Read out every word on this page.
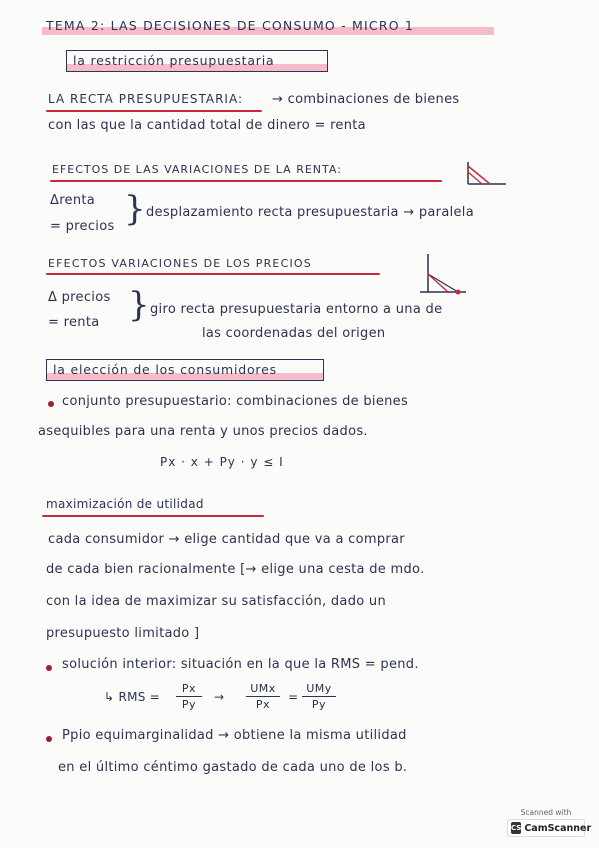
TEMA 2: LAS DECISIONES DE CONSUMO - MICRO 1
la restricción presupuestaria
LA RECTA PRESUPUESTARIA: → combinaciones de bienes
con las que la cantidad total de dinero = renta
EFECTOS DE LAS VARIACIONES DE LA RENTA:
Δrenta
= precios } desplazamiento recta presupuestaria → paralela
EFECTOS VARIACIONES DE LOS PRECIOS
Δ precios
= renta } giro recta presupuestaria entorno a una de
las coordenadas del origen
la elección de los consumidores
conjunto presupuestario: combinaciones de bienes
asequibles para una renta y unos precios dados.
Px · x + Py · y ≤ I
maximización de utilidad
cada consumidor → elige cantidad que va a comprar
de cada bien racionalmente [→ elige una cesta de mdo.
con la idea de maximizar su satisfacción, dado un
presupuesto limitado ]
solución interior: situación en la que la RMS = pend.
↳ RMS =
Px
Py
→
UMx
Px
=
UMy
Py
Ppio equimarginalidad → obtiene la misma utilidad
en el último céntimo gastado de cada uno de los b.
Scanned with
CS CamScanner
